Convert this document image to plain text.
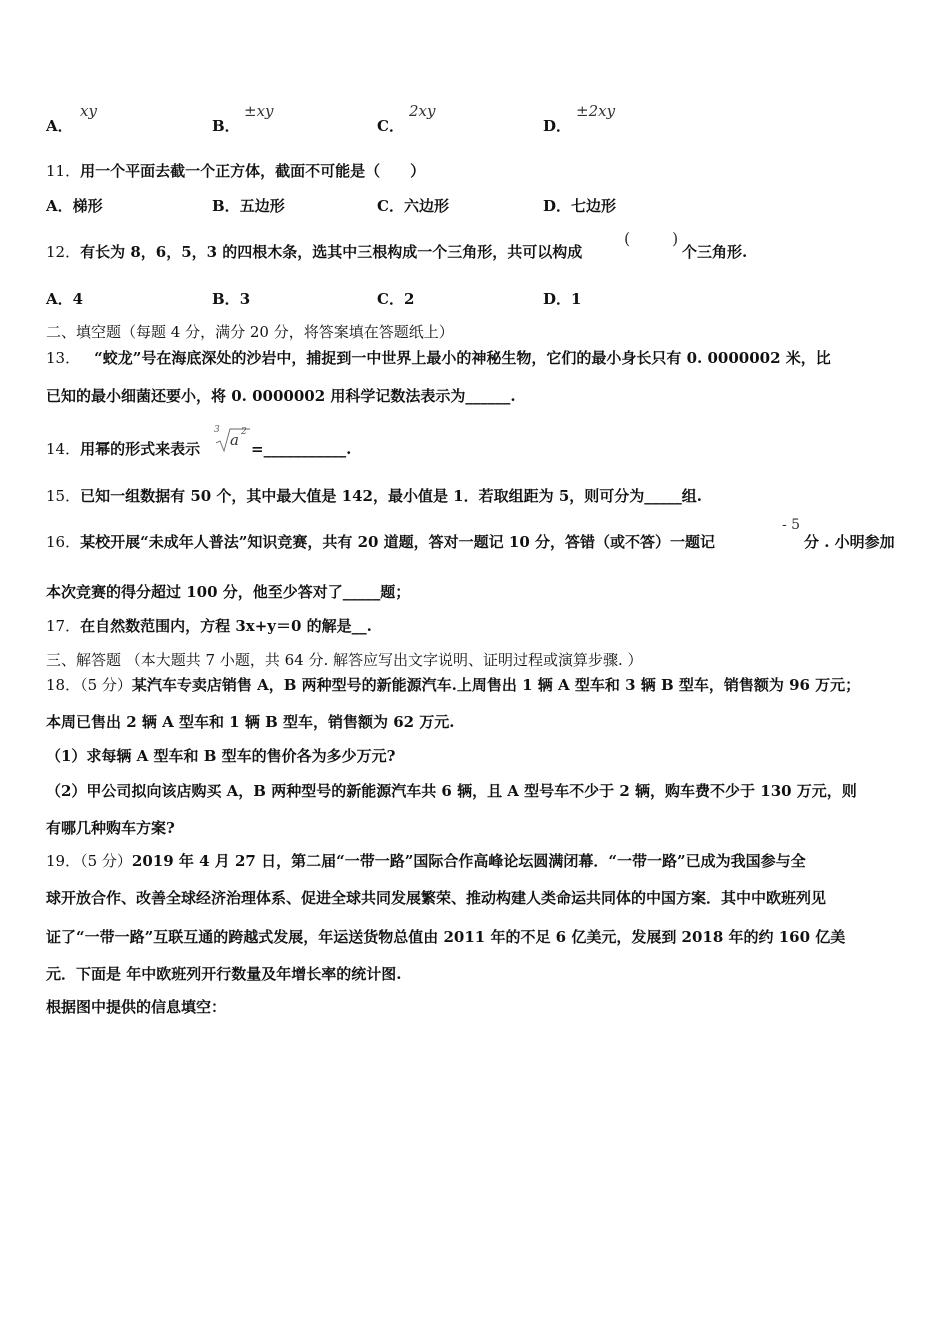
A．
xy
B．
±xy
C．
2xy
D．
±2xy
11．用一个平面去截一个正方体，截面不可能是（　　）
A．梯形	B．五边形	C．六边形	D．七边形
12．有长为 8，6，5，3 的四根木条，选其中三根构成一个三角形，共可以构成
(	)
个三角形.
A．4	B．3	C．2	D．1
二、填空题（每题 4 分，满分 20 分，将答案填在答题纸上）
13． “蛟龙”号在海底深处的沙岩中，捕捉到一中世界上最小的神秘生物，它们的最小身长只有 0. 0000002 米，比
已知的最小细菌还要小，将 0. 0000002 用科学记数法表示为______.
14．用幂的形式来表示
3
a 2
=___________.
15．已知一组数据有 50 个，其中最大值是 142，最小值是 1．若取组距为 5，则可分为_____组.
16．某校开展“未成年人普法”知识竞赛，共有 20 道题，答对一题记 10 分，答错（或不答）一题记
- 5
分 . 小明参加
本次竞赛的得分超过 100 分，他至少答对了_____题；
17．在自然数范围内，方程 3x+y＝0 的解是__.
三、解答题 （本大题共 7 小题，共 64 分. 解答应写出文字说明、证明过程或演算步骤. ）
18．（5 分）某汽车专卖店销售 A，B 两种型号的新能源汽车.上周售出 1 辆 A 型车和 3 辆 B 型车，销售额为 96 万元；
本周已售出 2 辆 A 型车和 1 辆 B 型车，销售额为 62 万元.
（1）求每辆 A 型车和 B 型车的售价各为多少万元?
（2）甲公司拟向该店购买 A，B 两种型号的新能源汽车共 6 辆，且 A 型号车不少于 2 辆，购车费不少于 130 万元，则
有哪几种购车方案?
19．（5 分）2019 年 4 月 27 日，第二届“一带一路”国际合作高峰论坛圆满闭幕．“一带一路”已成为我国参与全
球开放合作、改善全球经济治理体系、促进全球共同发展繁荣、推动构建人类命运共同体的中国方案．其中中欧班列见
证了“一带一路”互联互通的跨越式发展，年运送货物总值由 2011 年的不足 6 亿美元，发展到 2018 年的约 160 亿美
元．下面是 年中欧班列开行数量及年增长率的统计图.
根据图中提供的信息填空：
